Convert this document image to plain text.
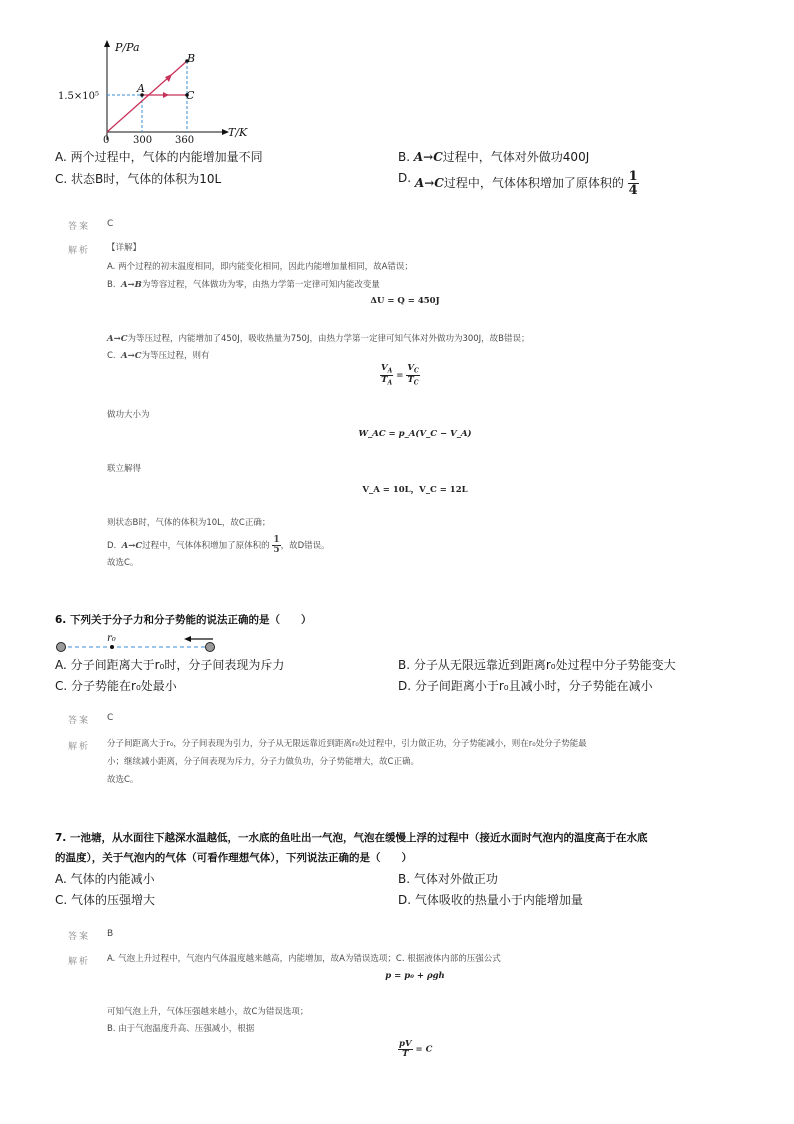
P/Pa
T/K
1.5×10⁵
0 300 360
A
B
C
A. 两个过程中，气体的内能增加量不同	B. A→C过程中，气体对外做功400J
C. 状态B时，气体的体积为10L	D. A→C过程中，气体体积增加了原体积的 $\frac{1}{4}$
答案 C
解析 【详解】
A. 两个过程的初末温度相同，即内能变化相同，因此内能增加量相同，故A错误；
B. A→B为等容过程，气体做功为零，由热力学第一定律可知内能改变量
ΔU = Q = 450J
A→C为等压过程，内能增加了450J，吸收热量为750J，由热力学第一定律可知气体对外做功为300J，故B错误；
C. A→C为等压过程，则有
$\frac{V_A}{T_A} = \frac{V_C}{T_C}$
做功大小为
W_AC = p_A(V_C − V_A)
联立解得
V_A = 10L，V_C = 12L
则状态B时，气体的体积为10L，故C正确；
D. A→C过程中，气体体积增加了原体积的 $\frac{1}{5}$ ，故D错误。
故选C。
6. 下列关于分子力和分子势能的说法正确的是（　　）
r₀
A. 分子间距离大于r₀时，分子间表现为斥力	B. 分子从无限远靠近到距离r₀处过程中分子势能变大
C. 分子势能在r₀处最小	D. 分子间距离小于r₀且减小时，分子势能在减小
答案 C
解析 分子间距离大于r₀，分子间表现为引力，分子从无限远靠近到距离r₀处过程中，引力做正功，分子势能减小，则在r₀处分子势能最
小；继续减小距离，分子间表现为斥力，分子力做负功，分子势能增大，故C正确。
故选C。
7. 一池塘，从水面往下越深水温越低，一水底的鱼吐出一气泡，气泡在缓慢上浮的过程中（接近水面时气泡内的温度高于在水底
的温度），关于气泡内的气体（可看作理想气体），下列说法正确的是（　　）
A. 气体的内能减小	B. 气体对外做正功
C. 气体的压强增大	D. 气体吸收的热量小于内能增加量
答案 B
解析 A. 气泡上升过程中，气泡内气体温度越来越高，内能增加，故A为错误选项；C. 根据液体内部的压强公式
p = p₀ + ρgh
可知气泡上升，气体压强越来越小，故C为错误选项；
B. 由于气泡温度升高、压强减小，根据
$\frac{pV}{T} = C$
